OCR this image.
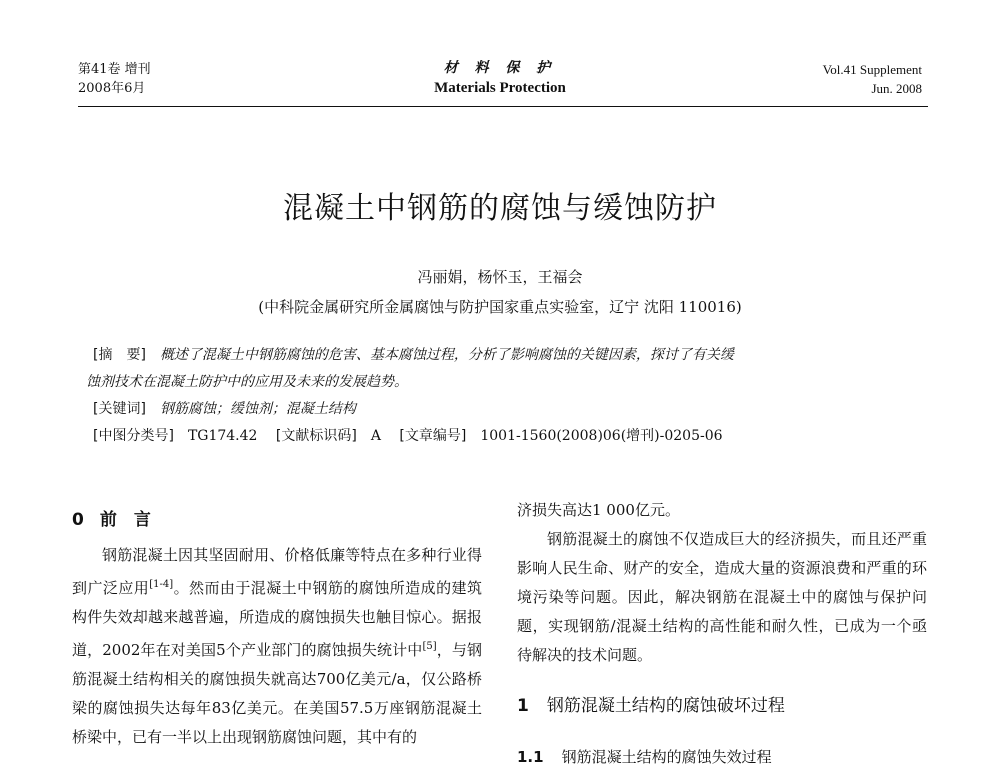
第41卷 增刊
2008年6月
材 料 保 护
Materials Protection
Vol.41 Supplement
Jun. 2008
混凝土中钢筋的腐蚀与缓蚀防护
冯丽娟，杨怀玉，王福会
(中科院金属研究所金属腐蚀与防护国家重点实验室，辽宁 沈阳 110016)
[摘　要] 概述了混凝土中钢筋腐蚀的危害、基本腐蚀过程，分析了影响腐蚀的关键因素，探讨了有关缓
蚀剂技术在混凝土防护中的应用及未来的发展趋势。
[关键词] 钢筋腐蚀；缓蚀剂；混凝土结构
[中图分类号] TG174.42 [文献标识码] A [文章编号] 1001-1560(2008)06(增刊)-0205-06
0 前　言

钢筋混凝土因其坚固耐用、价格低廉等特点在多种行业得到广泛应用[1-4]。然而由于混凝土中钢筋的腐蚀所造成的建筑构件失效却越来越普遍，所造成的腐蚀损失也触目惊心。据报道，2002年在对美国5个产业部门的腐蚀损失统计中[5]，与钢筋混凝土结构相关的腐蚀损失就高达700亿美元/a，仅公路桥梁的腐蚀损失达每年83亿美元。在美国57.5万座钢筋混凝土桥梁中，已有一半以上出现钢筋腐蚀问题，其中有的

济损失高达1 000亿元。

钢筋混凝土的腐蚀不仅造成巨大的经济损失，而且还严重影响人民生命、财产的安全，造成大量的资源浪费和严重的环境污染等问题。因此，解决钢筋在混凝土中的腐蚀与保护问题，实现钢筋/混凝土结构的高性能和耐久性，已成为一个亟待解决的技术问题。

1 钢筋混凝土结构的腐蚀破坏过程
1.1 钢筋混凝土结构的腐蚀失效过程
